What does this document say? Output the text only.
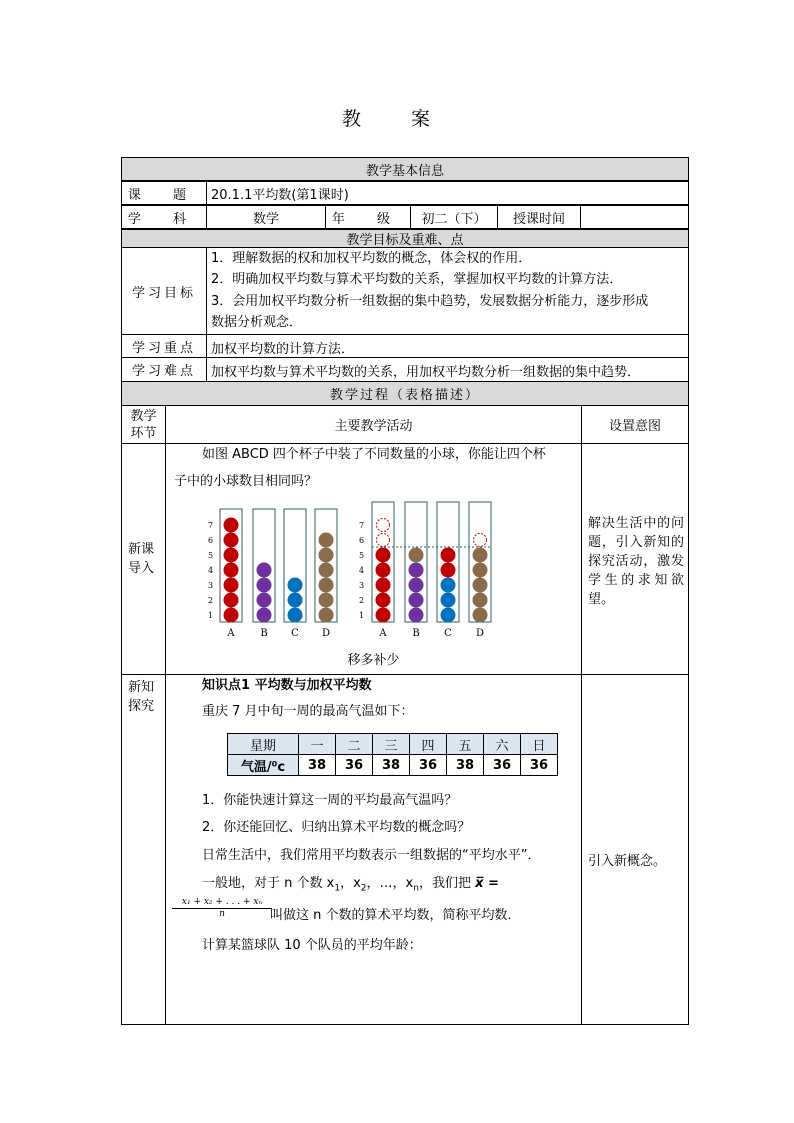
教 案
教学基本信息
课 题 20.1.1平均数(第1课时)
学 科	数学	年 级	初二（下）	授课时间
教学目标及重难、点
学习目标
1．理解数据的权和加权平均数的概念，体会权的作用．
2．明确加权平均数与算术平均数的关系，掌握加权平均数的计算方法．
3．会用加权平均数分析一组数据的集中趋势，发展数据分析能力，逐步形成
数据分析观念．
学习重点	加权平均数的计算方法．
学习难点	加权平均数与算术平均数的关系，用加权平均数分析一组数据的集中趋势．
教学过程（表格描述）
教学环节	主要教学活动	设置意图
新课导入
如图 ABCD 四个杯子中装了不同数量的小球，你能让四个杯
子中的小球数目相同吗？
7
6
5
4
3
2
1
A	B C D
7
6
5
4
3
2
1
A	B C D
移多补少
解决生活中的问题，引入新知的探究活动，激发学生的求知欲望。
新知探究
知识点1 平均数与加权平均数
重庆 7 月中旬一周的最高气温如下：
星期	一	二	三	四	五	六	日
气温/⁰c	38	36	38	36	38	36	36
1．你能快速计算这一周的平均最高气温吗？
2．你还能回忆、归纳出算术平均数的概念吗？
日常生活中，我们常用平均数表示一组数据的“平均水平”．
一般地，对于 n 个数 $x_1$，$x_2$，…，$x_n$，我们把 x̅ =
$\frac{\text{x₁ + x₂ + . . . + xₙ}}{n}$
叫做这 n 个数的算术平均数，简称平均数．
计算某篮球队 10 个队员的平均年龄：
引入新概念。
